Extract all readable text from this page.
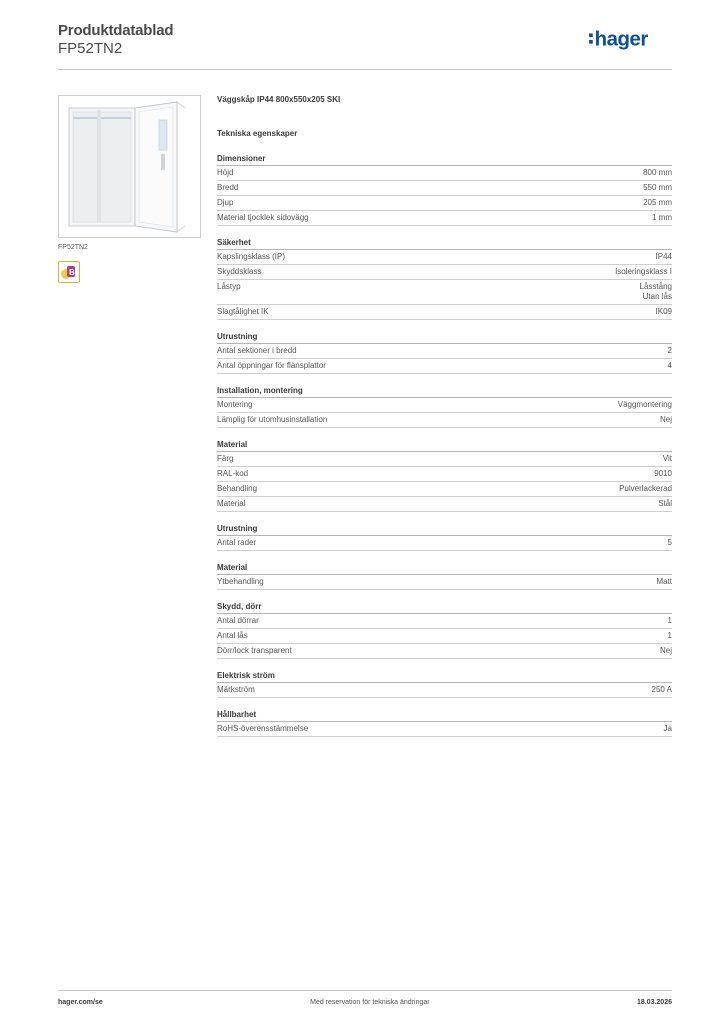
Produktdatablad
FP52TN2	hager
FP52TN2
B
Väggskåp IP44 800x550x205 SKI
Tekniska egenskaper
Dimensioner
Höjd	800 mm
Bredd	550 mm
Djup	205 mm
Material tjocklek sidovägg	1 mm
Säkerhet
Kapslingsklass (IP)	IP44
Skyddsklass	Isoleringsklass I
Låstyp	Låsstång
Utan lås
Slagtålighet IK	IK09
Utrustning
Antal sektioner i bredd	2
Antal öppningar för flänsplattor	4
Installation, montering
Montering	Väggmontering
Lämplig för utomhusinstallation	Nej
Material
Färg	Vit
RAL-kod	9010
Behandling	Pulverlackerad
Material	Stål
Utrustning
Antal rader	5
Material
Ytbehandling	Matt
Skydd, dörr
Antal dörrar	1
Antal lås	1
Dörr/lock transparent	Nej
Elektrisk ström
Märkström	250 A
Hållbarhet
RoHS-överensstämmelse	Ja
hager.com/se	Med reservation för tekniska ändringar	18.03.2026
